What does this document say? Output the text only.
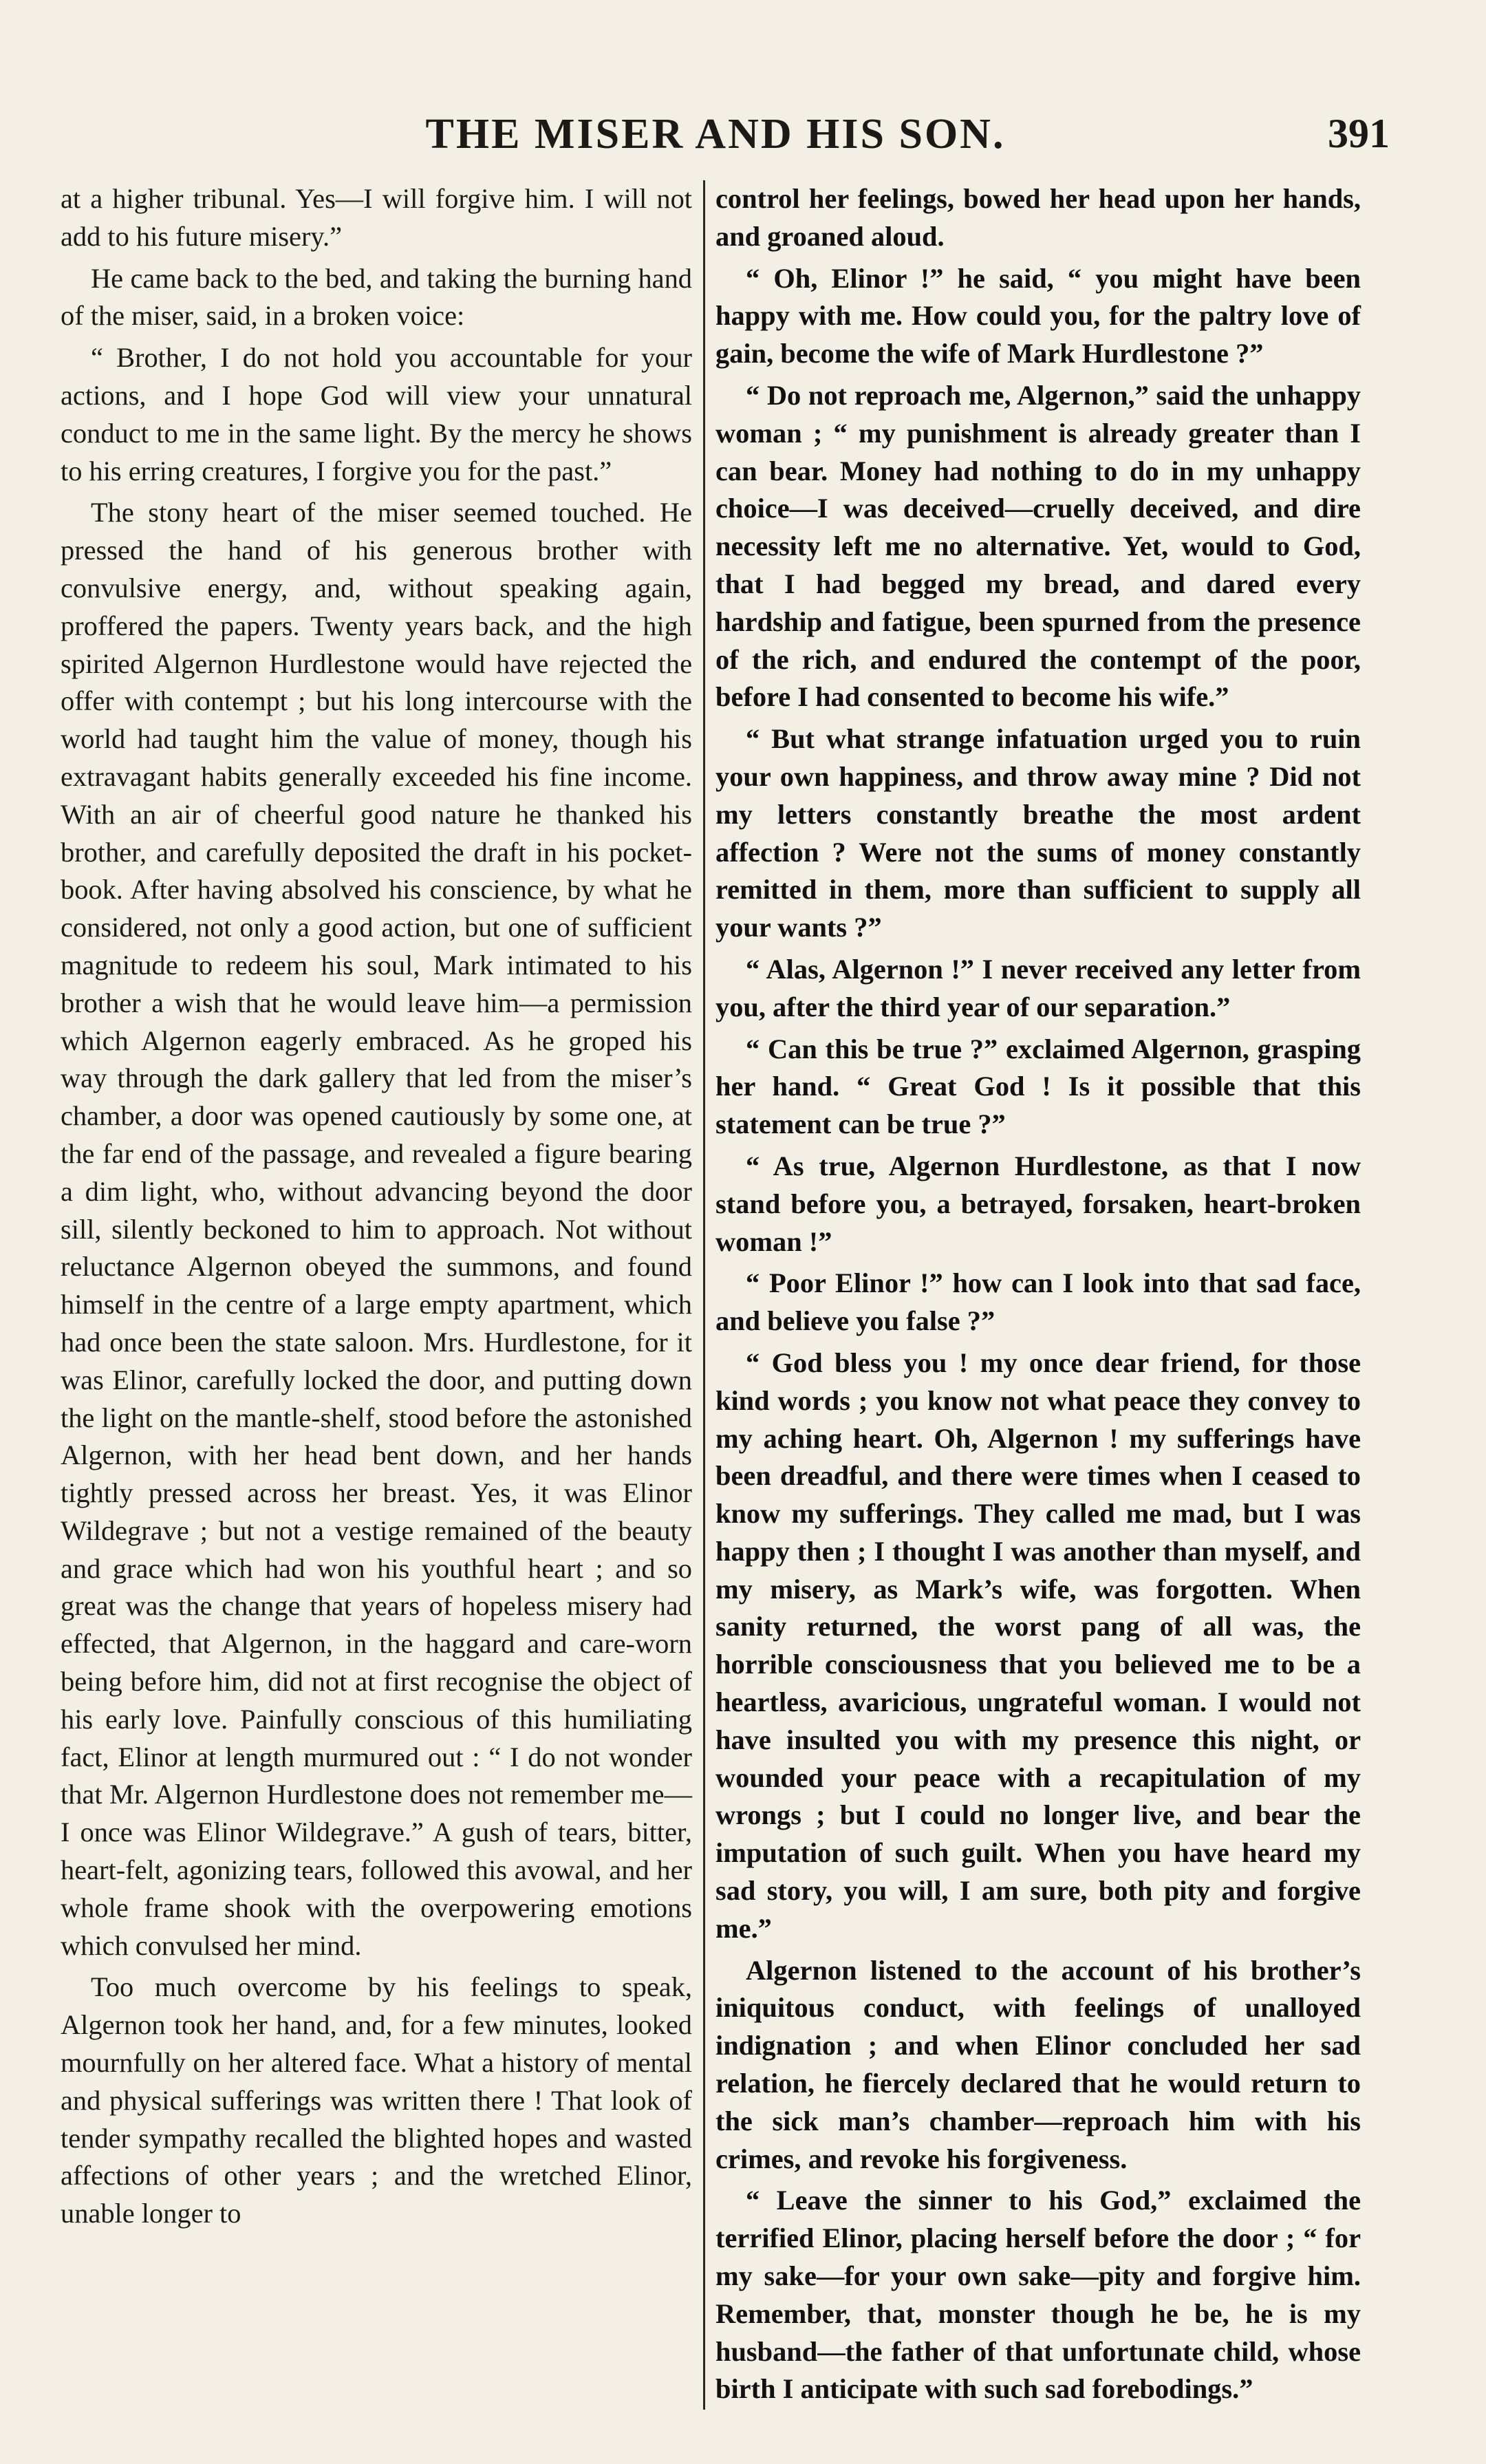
THE MISER AND HIS SON.	391

at a higher tribunal. Yes—I will forgive him. I will not add to his future misery.”

He came back to the bed, and taking the burning hand of the miser, said, in a broken voice:

“ Brother, I do not hold you accountable for your actions, and I hope God will view your unnatural conduct to me in the same light. By the mercy he shows to his erring creatures, I forgive you for the past.”

The stony heart of the miser seemed touched. He pressed the hand of his generous brother with convulsive energy, and, without speaking again, proffered the papers. Twenty years back, and the high spirited Algernon Hurdlestone would have rejected the offer with contempt ; but his long intercourse with the world had taught him the value of money, though his extravagant habits generally exceeded his fine income. With an air of cheerful good nature he thanked his brother, and carefully deposited the draft in his pocket-book. After having absolved his conscience, by what he considered, not only a good action, but one of sufficient magnitude to redeem his soul, Mark intimated to his brother a wish that he would leave him—a permission which Algernon eagerly embraced. As he groped his way through the dark gallery that led from the miser’s chamber, a door was opened cautiously by some one, at the far end of the passage, and revealed a figure bearing a dim light, who, without advancing beyond the door sill, silently beckoned to him to approach. Not without reluctance Algernon obeyed the summons, and found himself in the centre of a large empty apartment, which had once been the state saloon. Mrs. Hurdlestone, for it was Elinor, carefully locked the door, and putting down the light on the mantle-shelf, stood before the astonished Algernon, with her head bent down, and her hands tightly pressed across her breast. Yes, it was Elinor Wildegrave ; but not a vestige remained of the beauty and grace which had won his youthful heart ; and so great was the change that years of hopeless misery had effected, that Algernon, in the haggard and care-worn being before him, did not at first recognise the object of his early love. Painfully conscious of this humiliating fact, Elinor at length murmured out : “ I do not wonder that Mr. Algernon Hurdlestone does not remember me—I once was Elinor Wildegrave.” A gush of tears, bitter, heart-felt, agonizing tears, followed this avowal, and her whole frame shook with the overpowering emotions which convulsed her mind.

Too much overcome by his feelings to speak, Algernon took her hand, and, for a few minutes, looked mournfully on her altered face. What a history of mental and physical sufferings was written there ! That look of tender sympathy recalled the blighted hopes and wasted affections of other years ; and the wretched Elinor, unable longer to

control her feelings, bowed her head upon her hands, and groaned aloud.

“ Oh, Elinor !” he said, “ you might have been happy with me. How could you, for the paltry love of gain, become the wife of Mark Hurdlestone ?”

“ Do not reproach me, Algernon,” said the unhappy woman ; “ my punishment is already greater than I can bear. Money had nothing to do in my unhappy choice—I was deceived—cruelly deceived, and dire necessity left me no alternative. Yet, would to God, that I had begged my bread, and dared every hardship and fatigue, been spurned from the presence of the rich, and endured the contempt of the poor, before I had consented to become his wife.”

“ But what strange infatuation urged you to ruin your own happiness, and throw away mine ? Did not my letters constantly breathe the most ardent affection ? Were not the sums of money constantly remitted in them, more than sufficient to supply all your wants ?”

“ Alas, Algernon !” I never received any letter from you, after the third year of our separation.”

“ Can this be true ?” exclaimed Algernon, grasping her hand. “ Great God ! Is it possible that this statement can be true ?”

“ As true, Algernon Hurdlestone, as that I now stand before you, a betrayed, forsaken, heart-broken woman !”

“ Poor Elinor !” how can I look into that sad face, and believe you false ?”

“ God bless you ! my once dear friend, for those kind words ; you know not what peace they convey to my aching heart. Oh, Algernon ! my sufferings have been dreadful, and there were times when I ceased to know my sufferings. They called me mad, but I was happy then ; I thought I was another than myself, and my misery, as Mark’s wife, was forgotten. When sanity returned, the worst pang of all was, the horrible consciousness that you believed me to be a heartless, avaricious, ungrateful woman. I would not have insulted you with my presence this night, or wounded your peace with a recapitulation of my wrongs ; but I could no longer live, and bear the imputation of such guilt. When you have heard my sad story, you will, I am sure, both pity and forgive me.”

Algernon listened to the account of his brother’s iniquitous conduct, with feelings of unalloyed indignation ; and when Elinor concluded her sad relation, he fiercely declared that he would return to the sick man’s chamber—reproach him with his crimes, and revoke his forgiveness.

“ Leave the sinner to his God,” exclaimed the terrified Elinor, placing herself before the door ; “ for my sake—for your own sake—pity and forgive him. Remember, that, monster though he be, he is my husband—the father of that unfortunate child, whose birth I anticipate with such sad forebodings.”
